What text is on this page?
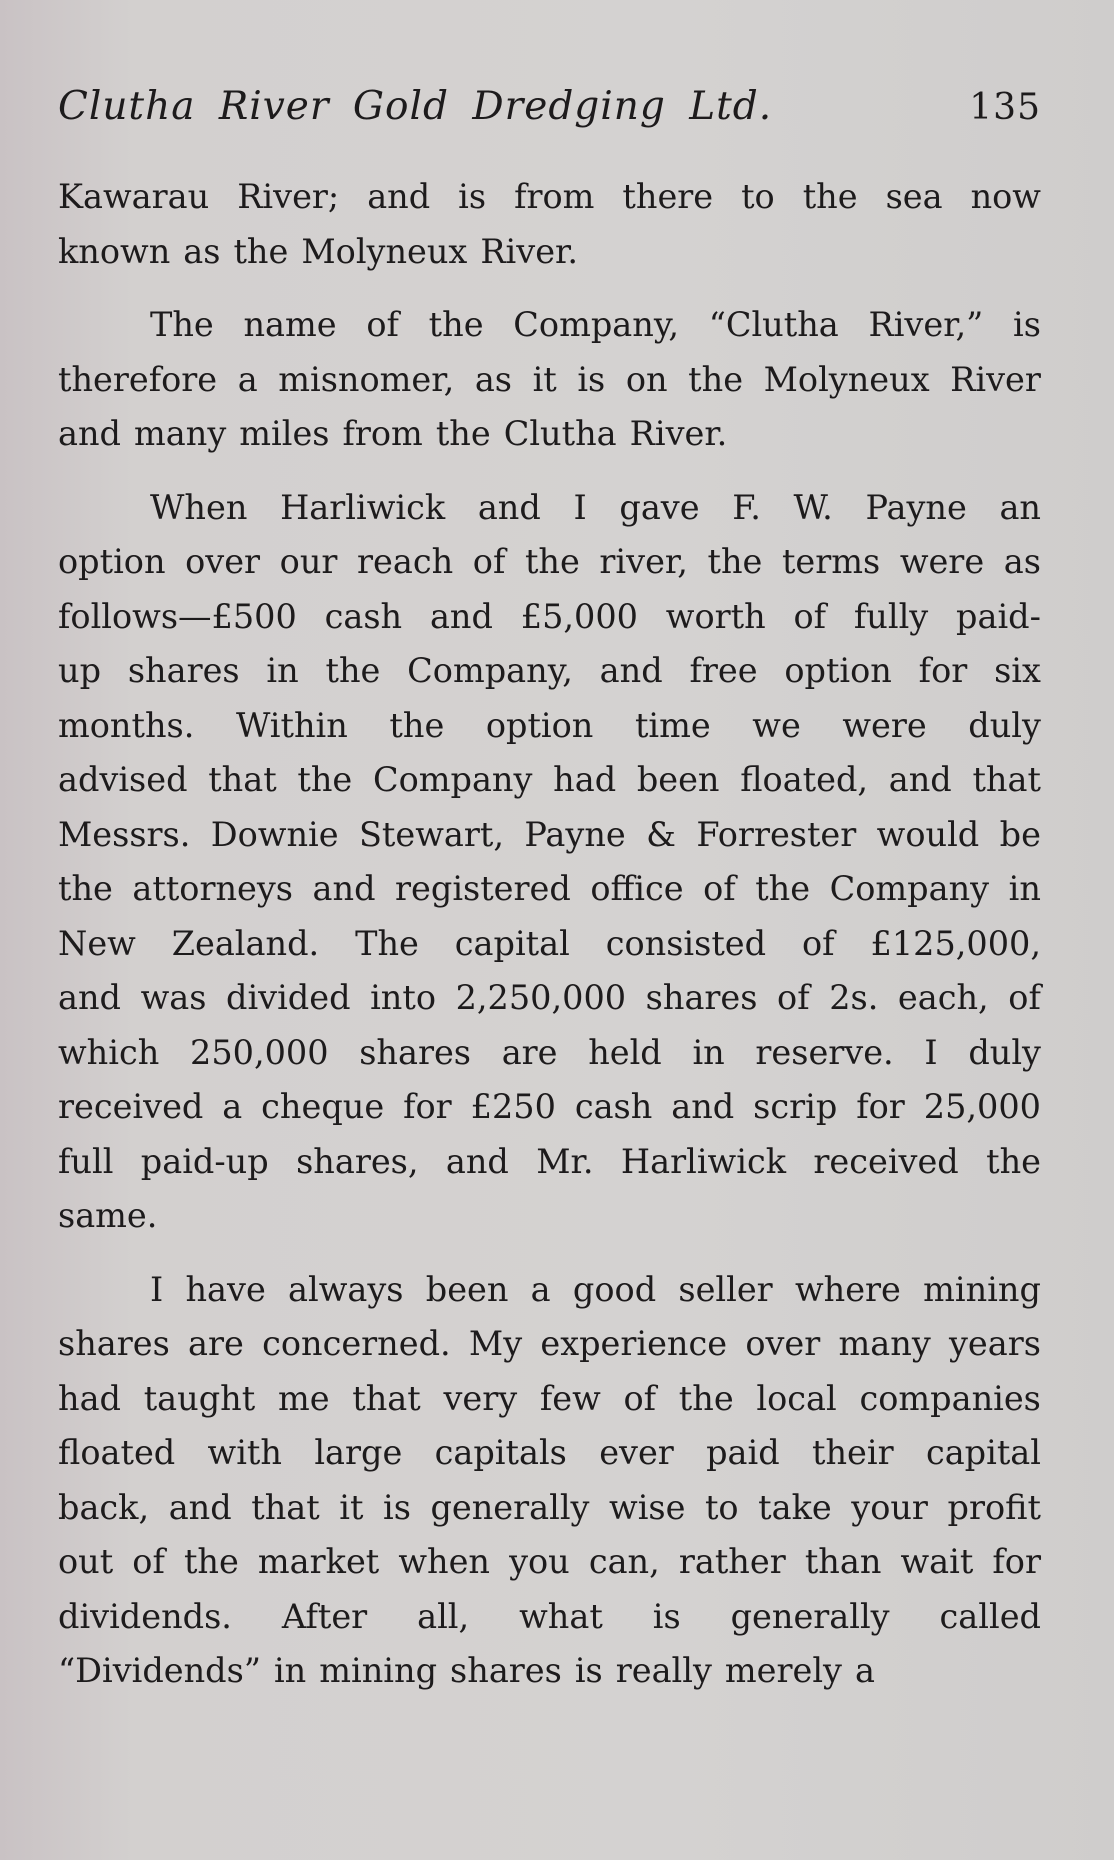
Clutha River Gold Dredging Ltd.	135
Kawarau River; and is from there to the sea now
known as the Molyneux River.
The name of the Company, “Clutha River,” is
therefore a misnomer, as it is on the Molyneux River
and many miles from the Clutha River.
When Harliwick and I gave F. W. Payne an
option over our reach of the river, the terms were as
follows—£500 cash and £5,000 worth of fully paid-
up shares in the Company, and free option for six
months. Within the option time we were duly
advised that the Company had been floated, and that
Messrs. Downie Stewart, Payne & Forrester would be
the attorneys and registered office of the Company in
New Zealand. The capital consisted of £125,000,
and was divided into 2,250,000 shares of 2s. each, of
which 250,000 shares are held in reserve. I duly
received a cheque for £250 cash and scrip for 25,000
full paid-up shares, and Mr. Harliwick received the
same.
I have always been a good seller where mining
shares are concerned. My experience over many years
had taught me that very few of the local companies
floated with large capitals ever paid their capital
back, and that it is generally wise to take your profit
out of the market when you can, rather than wait for
dividends. After all, what is generally called
“Dividends” in mining shares is really merely a
